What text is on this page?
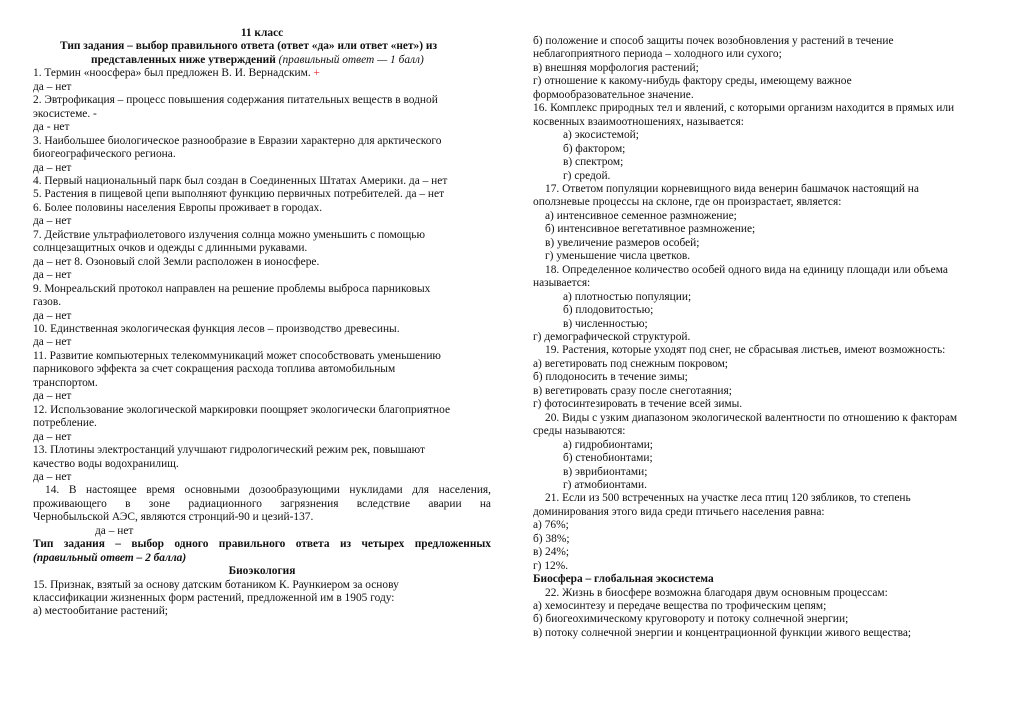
11 класс
Тип задания – выбор правильного ответа (ответ «да» или ответ «нет») из
представленных ниже утверждений (правильный ответ — 1 балл)
1. Термин «ноосфера» был предложен В. И. Вернадским. +
да – нет
2. Эвтрофикация – процесс повышения содержания питательных веществ в водной
экосистеме. -
да - нет
3. Наибольшее биологическое разнообразие в Евразии характерно для арктического
биогеографического региона.
да – нет
4. Первый национальный парк был создан в Соединенных Штатах Америки. да – нет
5. Растения в пищевой цепи выполняют функцию первичных потребителей. да – нет
6. Более половины населения Европы проживает в городах.
да – нет
7. Действие ультрафиолетового излучения солнца можно уменьшить с помощью
солнцезащитных очков и одежды с длинными рукавами.
да – нет 8. Озоновый слой Земли расположен в ионосфере.
да – нет
9. Монреальский протокол направлен на решение проблемы выброса парниковых
газов.
да – нет
10. Единственная экологическая функция лесов – производство древесины.
да – нет
11. Развитие компьютерных телекоммуникаций может способствовать уменьшению
парникового эффекта за счет сокращения расхода топлива автомобильным
транспортом.
да – нет
12. Использование экологической маркировки поощряет экологически благоприятное
потребление.
да – нет
13. Плотины электростанций улучшают гидрологический режим рек, повышают
качество воды водохранилищ.
да – нет
14. В настоящее время основными дозообразующими нуклидами для населения,
проживающего в зоне радиационного загрязнения вследствие аварии на
Чернобыльской АЭС, являются стронций-90 и цезий-137.
да – нет
Тип задания – выбор одного правильного ответа из четырех предложенных
(правильный ответ – 2 балла)
Биоэкология
15. Признак, взятый за основу датским ботаником К. Раункиером за основу
классификации жизненных форм растений, предложенной им в 1905 году:
а) местообитание растений;
б) положение и способ защиты почек возобновления у растений в течение
неблагоприятного периода – холодного или сухого;
в) внешняя морфология растений;
г) отношение к какому-нибудь фактору среды, имеющему важное
формообразовательное значение.
16. Комплекс природных тел и явлений, с которыми организм находится в прямых или
косвенных взаимоотношениях, называется:
а) экосистемой;
б) фактором;
в) спектром;
г) средой.
17. Ответом популяции корневищного вида венерин башмачок настоящий на
оползневые процессы на склоне, где он произрастает, является:
а) интенсивное семенное размножение;
б) интенсивное вегетативное размножение;
в) увеличение размеров особей;
г) уменьшение числа цветков.
18. Определенное количество особей одного вида на единицу площади или объема
называется:
а) плотностью популяции;
б) плодовитостью;
в) численностью;
г) демографической структурой.
19. Растения, которые уходят под снег, не сбрасывая листьев, имеют возможность:
а) вегетировать под снежным покровом;
б) плодоносить в течение зимы;
в) вегетировать сразу после снеготаяния;
г) фотосинтезировать в течение всей зимы.
20. Виды с узким диапазоном экологической валентности по отношению к факторам
среды называются:
а) гидробионтами;
б) стенобионтами;
в) эврибионтами;
г) атмобионтами.
21. Если из 500 встреченных на участке леса птиц 120 зябликов, то степень
доминирования этого вида среди птичьего населения равна:
а) 76%;
б) 38%;
в) 24%;
г) 12%.
Биосфера – глобальная экосистема
22. Жизнь в биосфере возможна благодаря двум основным процессам:
а) хемосинтезу и передаче вещества по трофическим цепям;
б) биогеохимическому круговороту и потоку солнечной энергии;
в) потоку солнечной энергии и концентрационной функции живого вещества;
